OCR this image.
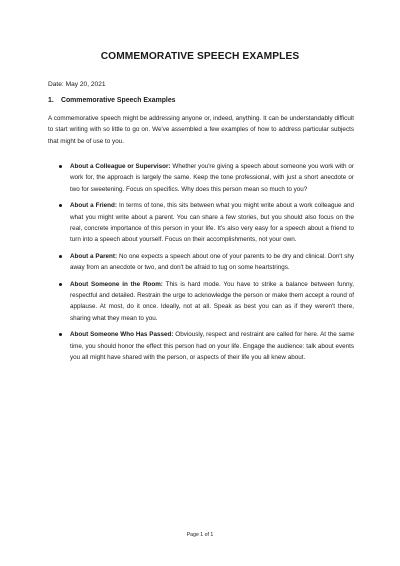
COMMEMORATIVE SPEECH EXAMPLES

Date: May 20, 2021

1. Commemorative Speech Examples

A commemorative speech might be addressing anyone or, indeed, anything. It can be understandably difficult to start writing with so little to go on. We've assembled a few examples of how to address particular subjects that might be of use to you.

About a Colleague or Supervisor: Whether you're giving a speech about someone you work with or work for, the approach is largely the same. Keep the tone professional, with just a short anecdote or two for sweetening. Focus on specifics. Why does this person mean so much to you?
About a Friend: In terms of tone, this sits between what you might write about a work colleague and what you might write about a parent. You can share a few stories, but you should also focus on the real, concrete importance of this person in your life. It's also very easy for a speech about a friend to turn into a speech about yourself. Focus on their accomplishments, not your own.
About a Parent: No one expects a speech about one of your parents to be dry and clinical. Don't shy away from an anecdote or two, and don't be afraid to tug on some heartstrings.
About Someone in the Room: This is hard mode. You have to strike a balance between funny, respectful and detailed. Restrain the urge to acknowledge the person or make them accept a round of applause. At most, do it once. Ideally, not at all. Speak as best you can as if they weren't there, sharing what they mean to you.
About Someone Who Has Passed: Obviously, respect and restraint are called for here. At the same time, you should honor the effect this person had on your life. Engage the audience: talk about events you all might have shared with the person, or aspects of their life you all knew about.

Page 1 of 1
